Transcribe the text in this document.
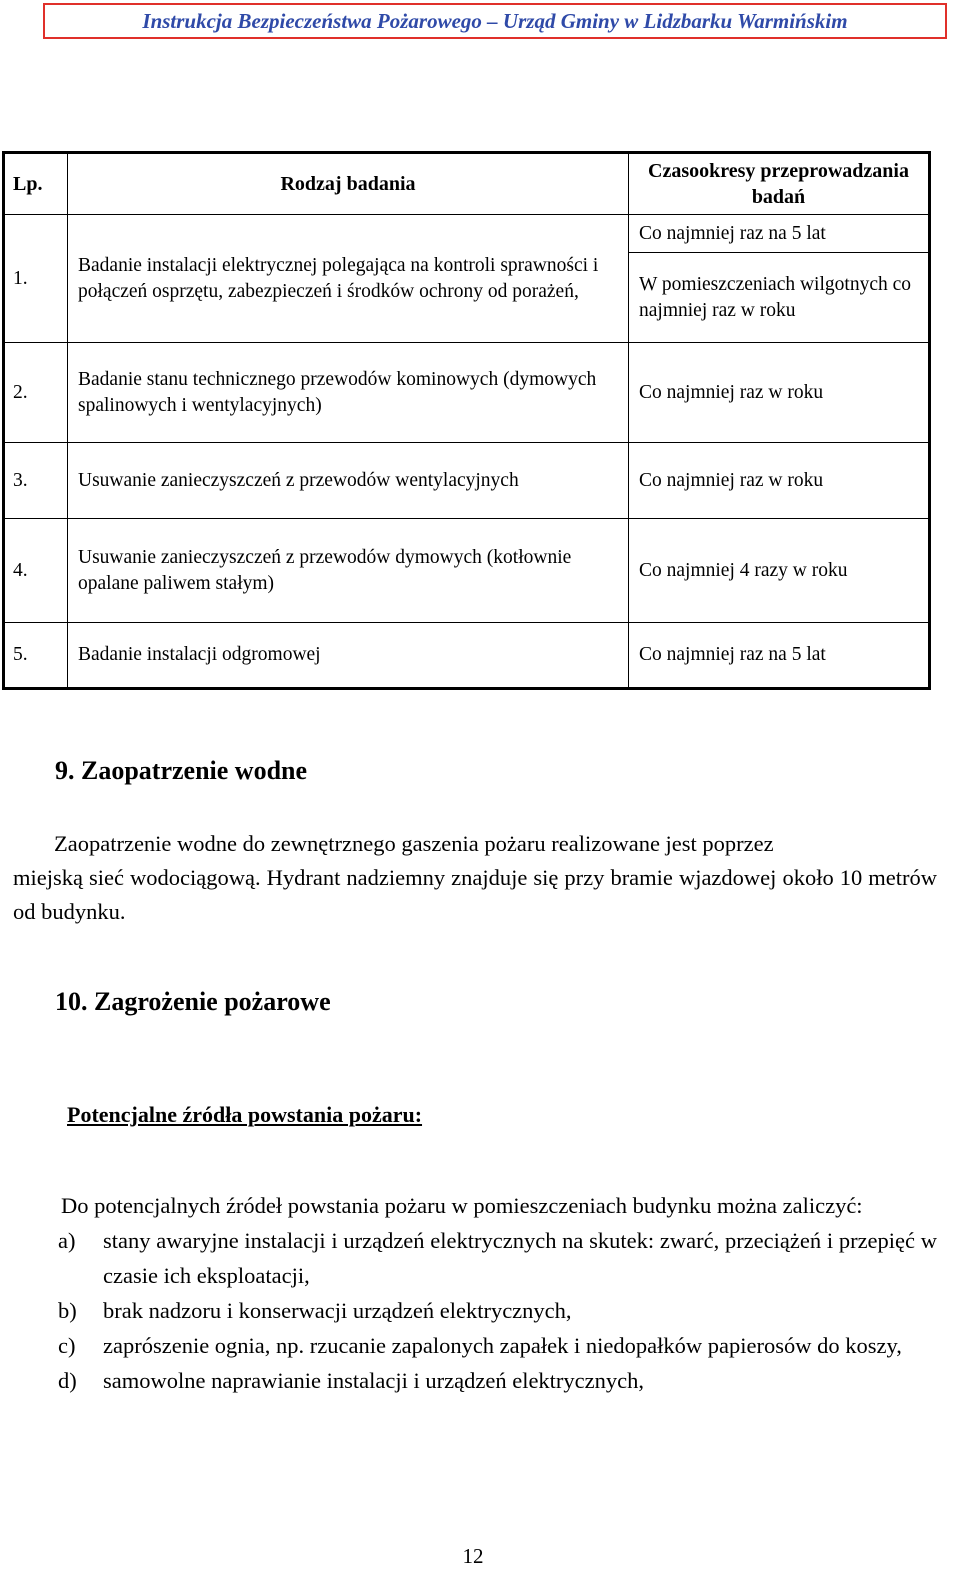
Instrukcja Bezpieczeństwa Pożarowego – Urząd Gminy w Lidzbarku Warmińskim
Lp.	Rodzaj badania	Czasookresy przeprowadzania badań
1.	Badanie instalacji elektrycznej polegająca na kontroli sprawności i połączeń osprzętu, zabezpieczeń i środków ochrony od porażeń,	Co najmniej raz na 5 lat
		W pomieszczeniach wilgotnych co najmniej raz w roku
2.	Badanie stanu technicznego przewodów kominowych (dymowych spalinowych i wentylacyjnych)	Co najmniej raz w roku
3.	Usuwanie zanieczyszczeń z przewodów wentylacyjnych	Co najmniej raz w roku
4.	Usuwanie zanieczyszczeń z przewodów dymowych (kotłownie opalane paliwem stałym)	Co najmniej 4 razy w roku
5.	Badanie instalacji odgromowej	Co najmniej raz na 5 lat
9. Zaopatrzenie wodne
Zaopatrzenie wodne do zewnętrznego gaszenia pożaru realizowane jest poprzez
miejską sieć wodociągową. Hydrant nadziemny znajduje się przy bramie wjazdowej około 10 metrów od budynku.
10. Zagrożenie pożarowe
Potencjalne źródła powstania pożaru:
Do potencjalnych źródeł powstania pożaru w pomieszczeniach budynku można zaliczyć:
a)	stany awaryjne instalacji i urządzeń elektrycznych na skutek: zwarć, przeciążeń i przepięć w czasie ich eksploatacji,
b)	brak nadzoru i konserwacji urządzeń elektrycznych,
c)	zaprószenie ognia, np. rzucanie zapalonych zapałek i niedopałków papierosów do koszy,
d)	samowolne naprawianie instalacji i urządzeń elektrycznych,
12
